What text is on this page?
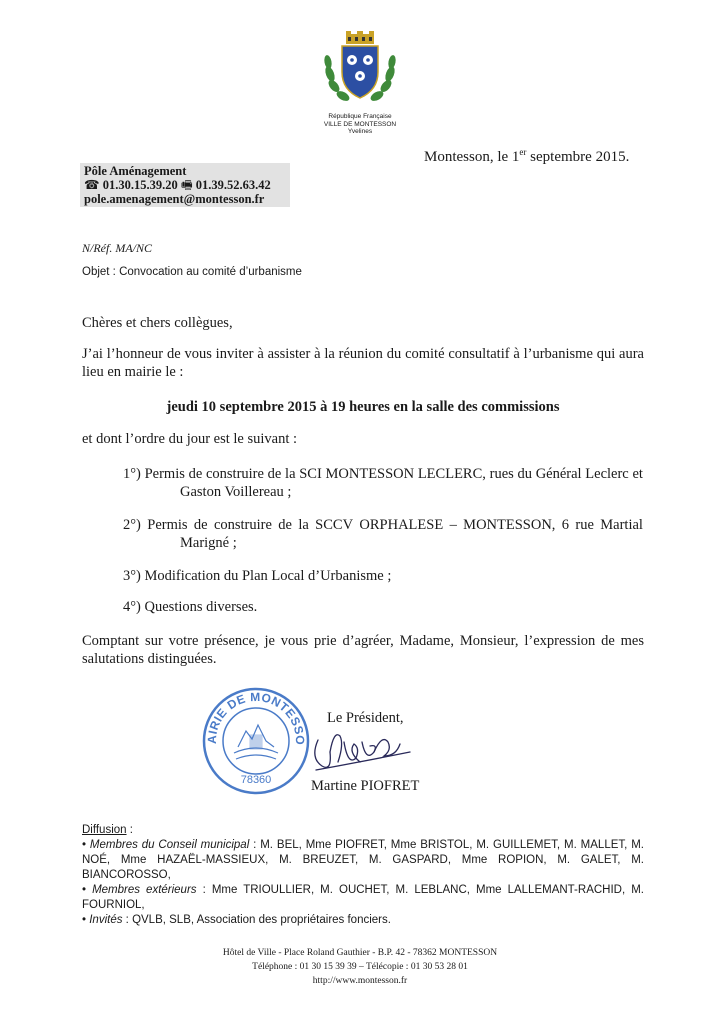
République Française
VILLE DE MONTESSON
Yvelines
Montesson, le 1er septembre 2015.
Pôle Aménagement
☎ 01.30.15.39.20 🖷 01.39.52.63.42
pole.amenagement@montesson.fr
N/Réf. MA/NC
Objet : Convocation au comité d’urbanisme
Chères et chers collègues,
J’ai l’honneur de vous inviter à assister à la réunion du comité consultatif à l’urbanisme qui aura lieu en mairie le :
jeudi 10 septembre 2015 à 19 heures en la salle des commissions
et dont l’ordre du jour est le suivant :
1°) Permis de construire de la SCI MONTESSON LECLERC, rues du Général Leclerc et
Gaston Voillereau ;
2°) Permis de construire de la SCCV ORPHALESE – MONTESSON, 6 rue Martial
Marigné ;
3°) Modification du Plan Local d’Urbanisme ;
4°) Questions diverses.
Comptant sur votre présence, je vous prie d’agréer, Madame, Monsieur, l’expression de mes salutations distinguées.
AIRIE DE MONTESSO
78360
Le Président,
Martine PIOFRET
Diffusion :
• Membres du Conseil municipal : M. BEL, Mme PIOFRET, Mme BRISTOL, M. GUILLEMET, M. MALLET, M. NOÉ, Mme HAZAËL-MASSIEUX, M. BREUZET, M. GASPARD, Mme ROPION, M. GALET, M. BIANCOROSSO,
• Membres extérieurs : Mme TRIOULLIER, M. OUCHET, M. LEBLANC, Mme LALLEMANT-RACHID, M. FOURNIOL,
• Invités : QVLB, SLB, Association des propriétaires fonciers.
Hôtel de Ville - Place Roland Gauthier - B.P. 42 - 78362 MONTESSON
Téléphone : 01 30 15 39 39 – Télécopie : 01 30 53 28 01
http://www.montesson.fr
